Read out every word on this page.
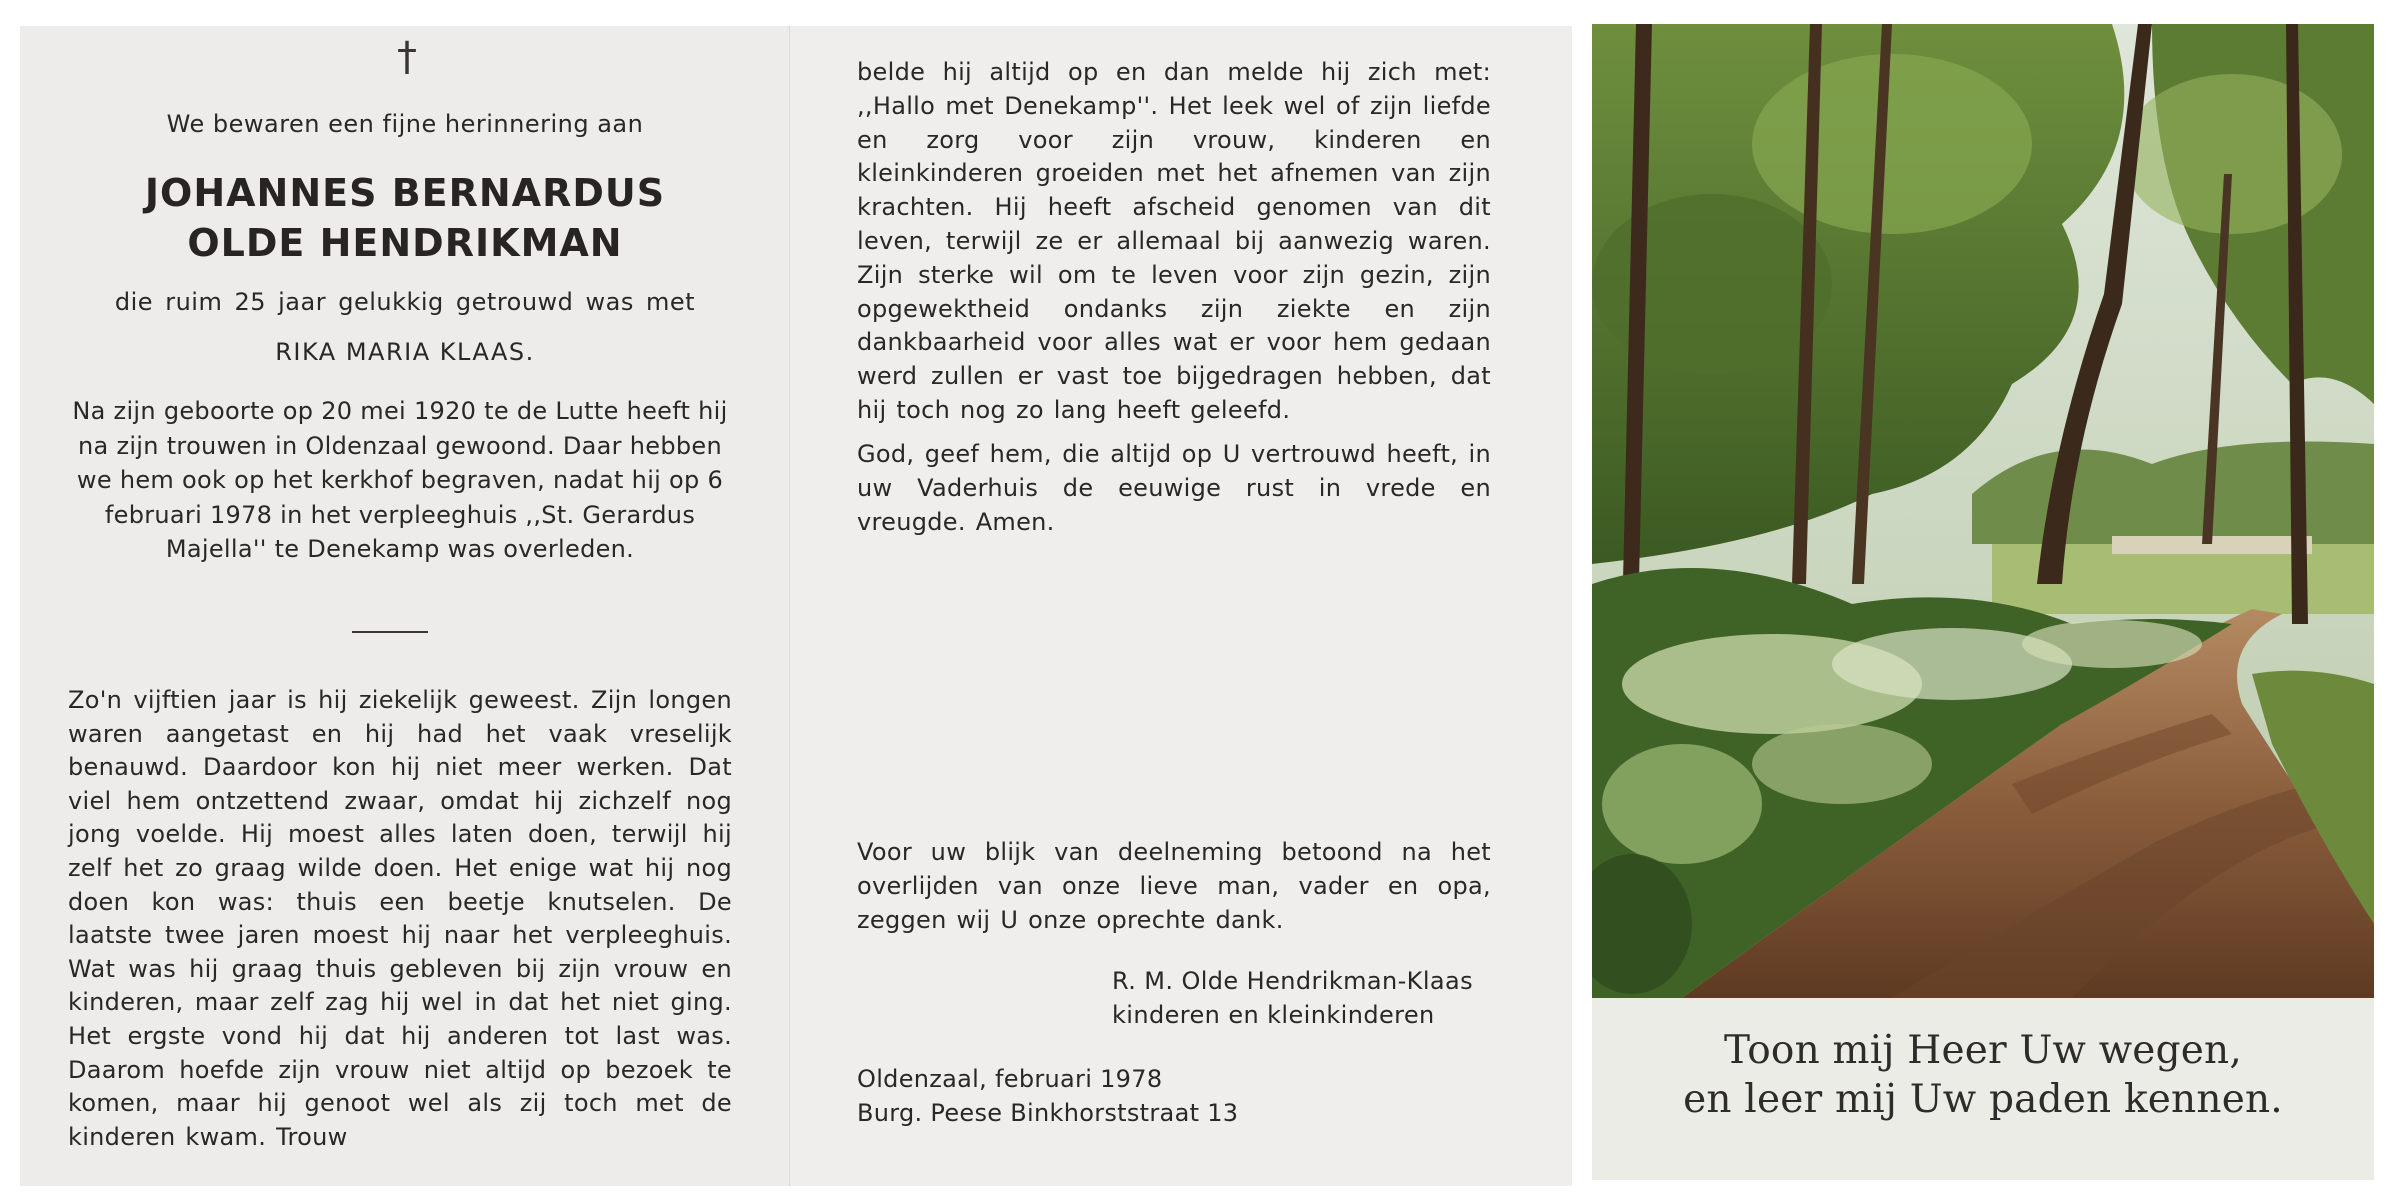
†
We bewaren een fijne herinnering aan
JOHANNES BERNARDUS
OLDE HENDRIKMAN
die ruim 25 jaar gelukkig getrouwd was met
RIKA MARIA KLAAS.
Na zijn geboorte op 20 mei 1920 te de Lutte heeft hij na zijn trouwen in Oldenzaal gewoond. Daar hebben we hem ook op het kerkhof begraven, nadat hij op 6 februari 1978 in het verpleeghuis ,,St. Gerardus Majella'' te Denekamp was overleden.
Zo'n vijftien jaar is hij ziekelijk geweest. Zijn longen waren aangetast en hij had het vaak vreselijk benauwd. Daardoor kon hij niet meer werken. Dat viel hem ontzettend zwaar, omdat hij zichzelf nog jong voelde. Hij moest alles laten doen, terwijl hij zelf het zo graag wilde doen. Het enige wat hij nog doen kon was: thuis een beetje knutselen. De laatste twee jaren moest hij naar het verpleeghuis. Wat was hij graag thuis gebleven bij zijn vrouw en kinderen, maar zelf zag hij wel in dat het niet ging. Het ergste vond hij dat hij anderen tot last was. Daarom hoefde zijn vrouw niet altijd op bezoek te komen, maar hij genoot wel als zij toch met de kinderen kwam. Trouw
belde hij altijd op en dan melde hij zich met: ,,Hallo met Denekamp''. Het leek wel of zijn liefde en zorg voor zijn vrouw, kinderen en kleinkinderen groeiden met het afnemen van zijn krachten. Hij heeft afscheid genomen van dit leven, terwijl ze er allemaal bij aanwezig waren. Zijn sterke wil om te leven voor zijn gezin, zijn opgewektheid ondanks zijn ziekte en zijn dankbaarheid voor alles wat er voor hem gedaan werd zullen er vast toe bijgedragen hebben, dat hij toch nog zo lang heeft geleefd.
God, geef hem, die altijd op U vertrouwd heeft, in uw Vaderhuis de eeuwige rust in vrede en vreugde. Amen.
Voor uw blijk van deelneming betoond na het overlijden van onze lieve man, vader en opa, zeggen wij U onze oprechte dank.
R. M. Olde Hendrikman-Klaas
kinderen en kleinkinderen
Oldenzaal, februari 1978
Burg. Peese Binkhorststraat 13
Toon mij Heer Uw wegen,
en leer mij Uw paden kennen.
